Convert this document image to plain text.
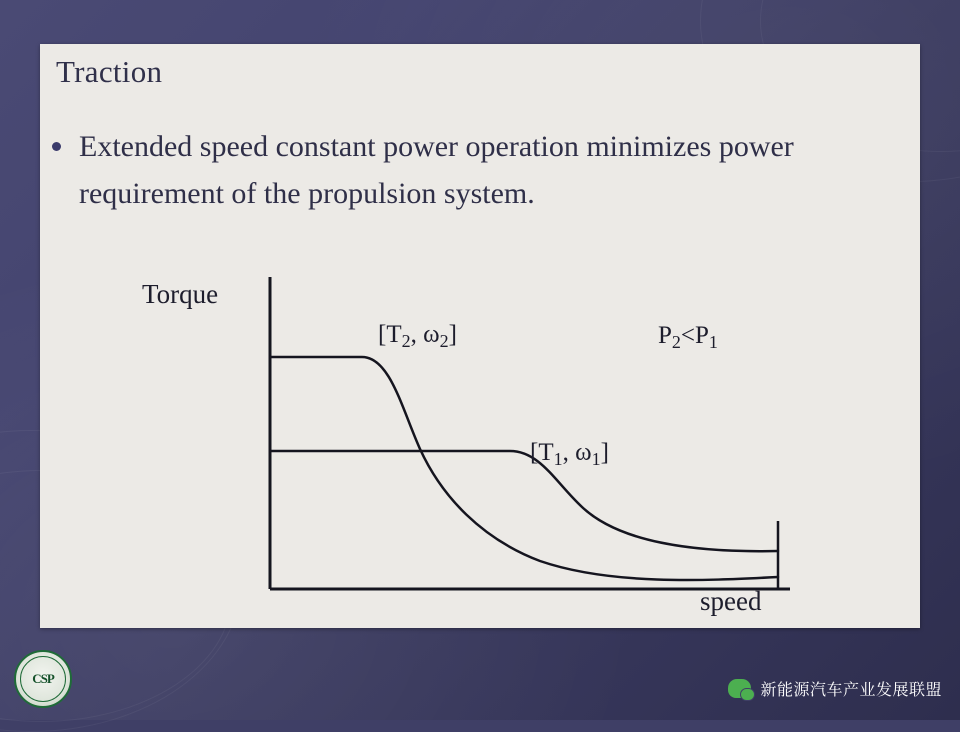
Traction
Extended speed constant power operation minimizes power requirement of the propulsion system.
Torque
speed
[$T_2$, $\omega_2$]
[$T_1$, $\omega_1$]
$P_2<P_1$
CSP
新能源汽车产业发展联盟
